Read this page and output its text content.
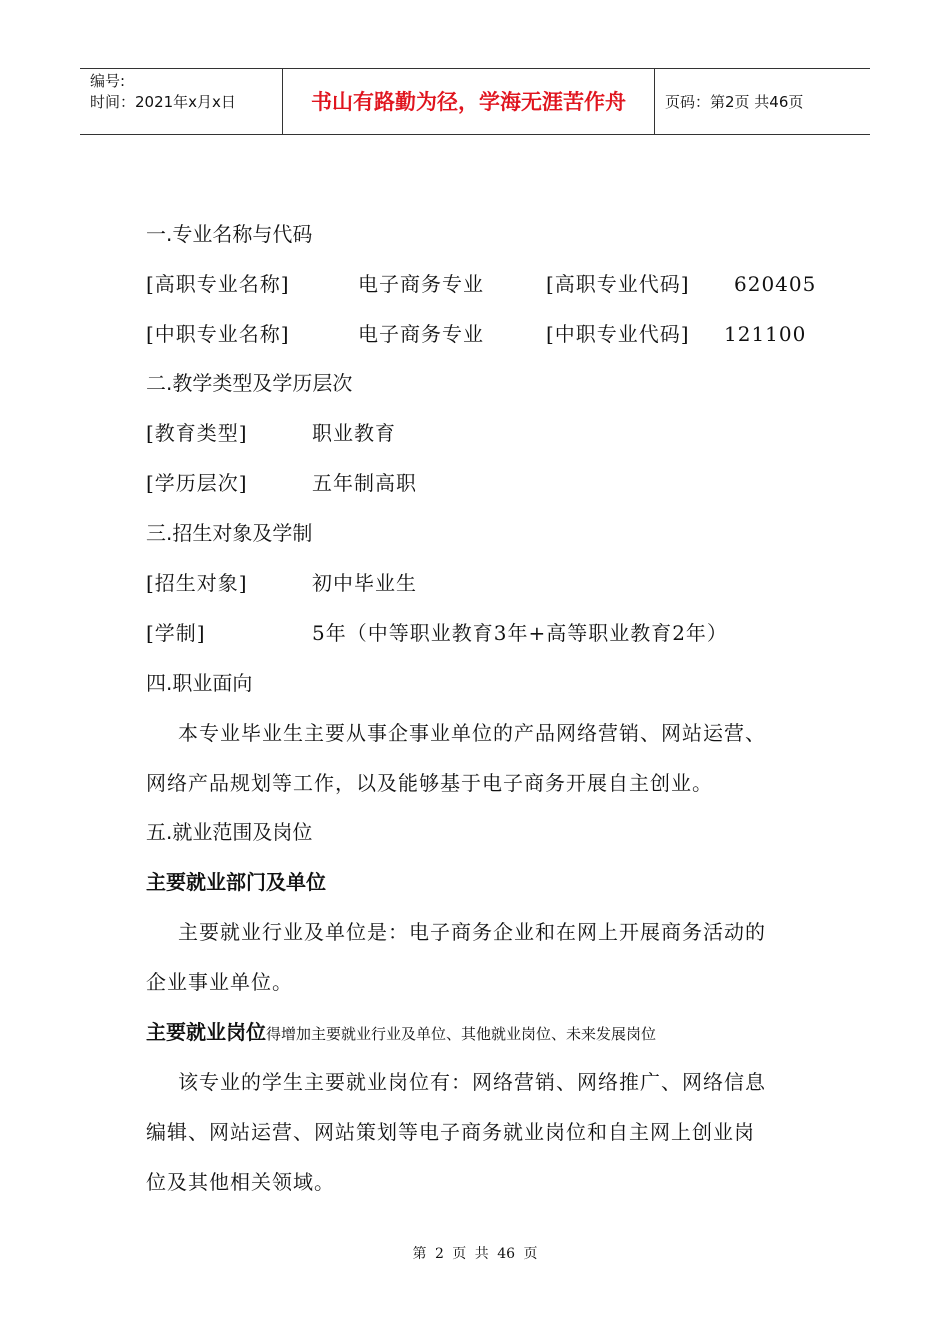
编号:
时间：2021年x月x日	书山有路勤为径，学海无涯苦作舟	页码：第2页 共46页
一.专业名称与代码
[高职专业名称]	电子商务专业	[高职专业代码] 620405
[中职专业名称]	电子商务专业	[中职专业代码] 121100
二.教学类型及学历层次
[教育类型]	职业教育
[学历层次]	五年制高职
三.招生对象及学制
[招生对象]	初中毕业生
[学制]	5年（中等职业教育3年+高等职业教育2年）
四.职业面向
本专业毕业生主要从事企事业单位的产品网络营销、网站运营、
网络产品规划等工作，以及能够基于电子商务开展自主创业。
五.就业范围及岗位
主要就业部门及单位
主要就业行业及单位是：电子商务企业和在网上开展商务活动的
企业事业单位。
主要就业岗位得增加主要就业行业及单位、其他就业岗位、未来发展岗位
该专业的学生主要就业岗位有：网络营销、网络推广、网络信息
编辑、网站运营、网站策划等电子商务就业岗位和自主网上创业岗
位及其他相关领域。
第 2 页 共 46 页
